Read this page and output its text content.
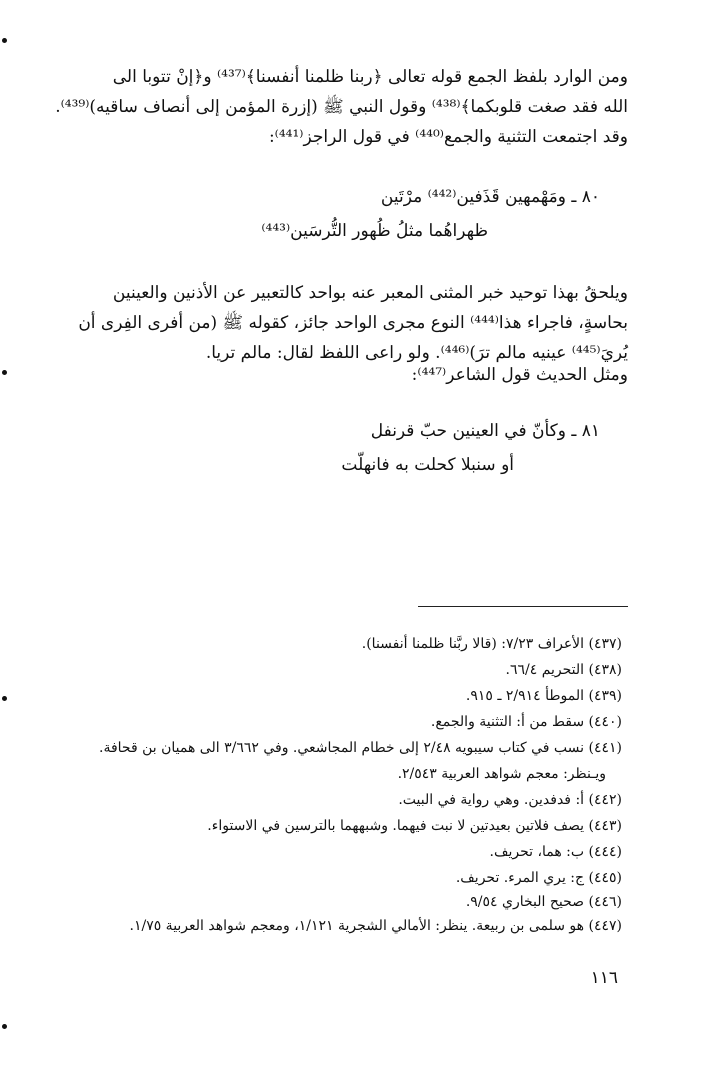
ومن الوارد بلفظ الجمع قوله تعالى ﴿ربنا ظلمنا أنفسنا﴾⁽⁴³⁷⁾ و﴿إنْ تتوبا الى

الله فقد صغت قلوبكما﴾⁽⁴³⁸⁾ وقول النبي ﷺ (إزرة المؤمن إلى أنصاف ساقيه)⁽⁴³⁹⁾.

وقد اجتمعت التثنية والجمع⁽⁴⁴⁰⁾ في قول الراجز⁽⁴⁴¹⁾:

٨٠ ـ ومَهْمهين قَذَفين⁽⁴⁴²⁾ مرْتَين

ظهراهُما مثلُ ظُهور التُّرسَين⁽⁴⁴³⁾

ويلحقُ بهذا توحيد خبر المثنى المعبر عنه بواحد كالتعبير عن الأذنين والعينين

بحاسةٍ، فاجراء هذا⁽⁴⁴⁴⁾ النوع مجرى الواحد جائز، كقوله ﷺ (من أفرى الفِرى أن

يُريَ⁽⁴⁴⁵⁾ عينيه مالم ترَ)⁽⁴⁴⁶⁾. ولو راعى اللفظ لقال: مالم تريا.

ومثل الحديث قول الشاعر⁽⁴⁴⁷⁾:

٨١ ـ وكأنّ في العينين حبّ قرنفل

أو سنبلا كحلت به فانهلّت

(٤٣٧) الأعراف ٧/٢٣: (قالا ربَّنا ظلمنا أنفسنا).

(٤٣٨) التحريم ٦٦/٤.

(٤٣٩) الموطأ ٢/٩١٤ ـ ٩١٥.

(٤٤٠) سقط من أ: التثنية والجمع.

(٤٤١) نسب في كتاب سيبويه ٢/٤٨ إلى خطام المجاشعي. وفي ٣/٦٦٢ الى هميان بن قحافة.

ويـنظر: معجم شواهد العربية ٢/٥٤٣.

(٤٤٢) أ: فدفدين. وهي رواية في البيت.

(٤٤٣) يصف فلاتين بعيدتين لا نبت فيهما. وشبههما بالترسين في الاستواء.

(٤٤٤) ب: هما، تحريف.

(٤٤٥) ج: يري المرء. تحريف.

(٤٤٦) صحيح البخاري ٩/٥٤.

(٤٤٧) هو سلمى بن ربيعة. ينظر: الأمالي الشجرية ١/١٢١، ومعجم شواهد العربية ١/٧٥.

١١٦
